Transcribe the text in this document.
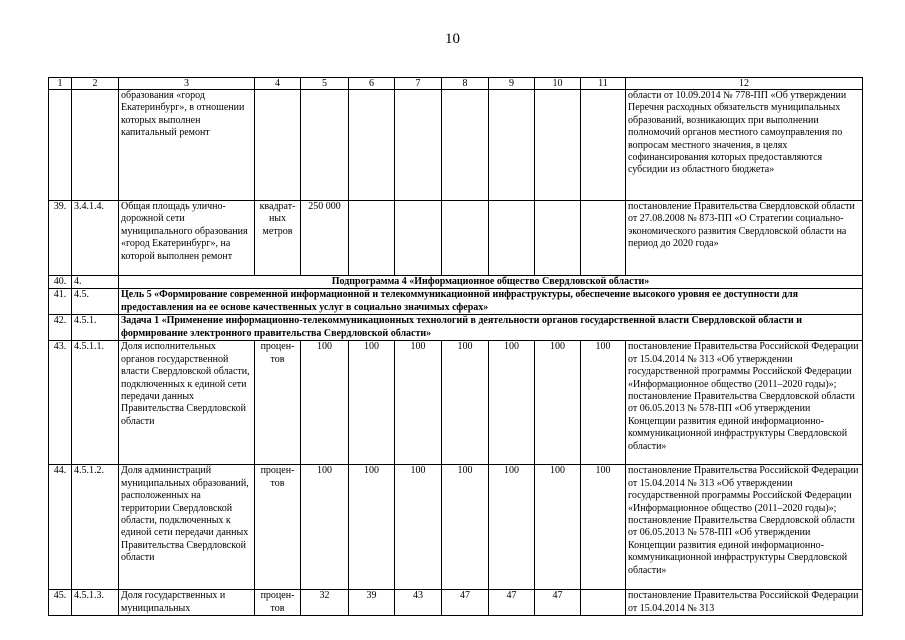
10
1	2	3	4	5	6	7	8	9	10	11	12
		образования «город Екатеринбург», в отношении которых выполнен капитальный ремонт									области от 10.09.2014 № 778-ПП «Об утверждении Перечня расходных обязательств муниципальных образований, возникающих при выполнении полномочий органов местного самоуправления по вопросам местного значения, в целях софинансирования которых предоставляются субсидии из областного бюджета»
39.	3.4.1.4.	Общая площадь улично-дорожной сети муниципального образования «город Екатеринбург», на которой выполнен ремонт	квадрат-ных метров	250 000							постановление Правительства Свердловской области от 27.08.2008 № 873-ПП «О Стратегии социально-экономического развития Свердловской области на период до 2020 года»
40.	4.	Подпрограмма 4 «Информационное общество Свердловской области»									
41.	4.5.	Цель 5 «Формирование современной информационной и телекоммуникационной инфраструктуры, обеспечение высокого уровня ее доступности для предоставления на ее основе качественных услуг в социально значимых сферах»									
42.	4.5.1.	Задача 1 «Применение информационно-телекоммуникационных технологий в деятельности органов государственной власти Свердловской области и формирование электронного правительства Свердловской области»									
43.	4.5.1.1.	Доля исполнительных органов государственной власти Свердловской области, подключенных к единой сети передачи данных Правительства Свердловской области	процен-тов	100	100	100	100	100	100	100	постановление Правительства Российской Федерации от 15.04.2014 № 313 «Об утверждении государственной программы Российской Федерации «Информационное общество (2011–2020 годы)»; постановление Правительства Свердловской области от 06.05.2013 № 578-ПП «Об утверждении Концепции развития единой информационно-коммуникационной инфраструктуры Свердловской области»
44.	4.5.1.2.	Доля администраций муниципальных образований, расположенных на территории Свердловской области, подключенных к единой сети передачи данных Правительства Свердловской области	процен-тов	100	100	100	100	100	100	100	постановление Правительства Российской Федерации от 15.04.2014 № 313 «Об утверждении государственной программы Российской Федерации «Информационное общество (2011–2020 годы)»; постановление Правительства Свердловской области от 06.05.2013 № 578-ПП «Об утверждении Концепции развития единой информационно-коммуникационной инфраструктуры Свердловской области»
45.	4.5.1.3.	Доля государственных и муниципальных	процен-тов	32	39	43	47	47	47		постановление Правительства Российской Федерации от 15.04.2014 № 313
